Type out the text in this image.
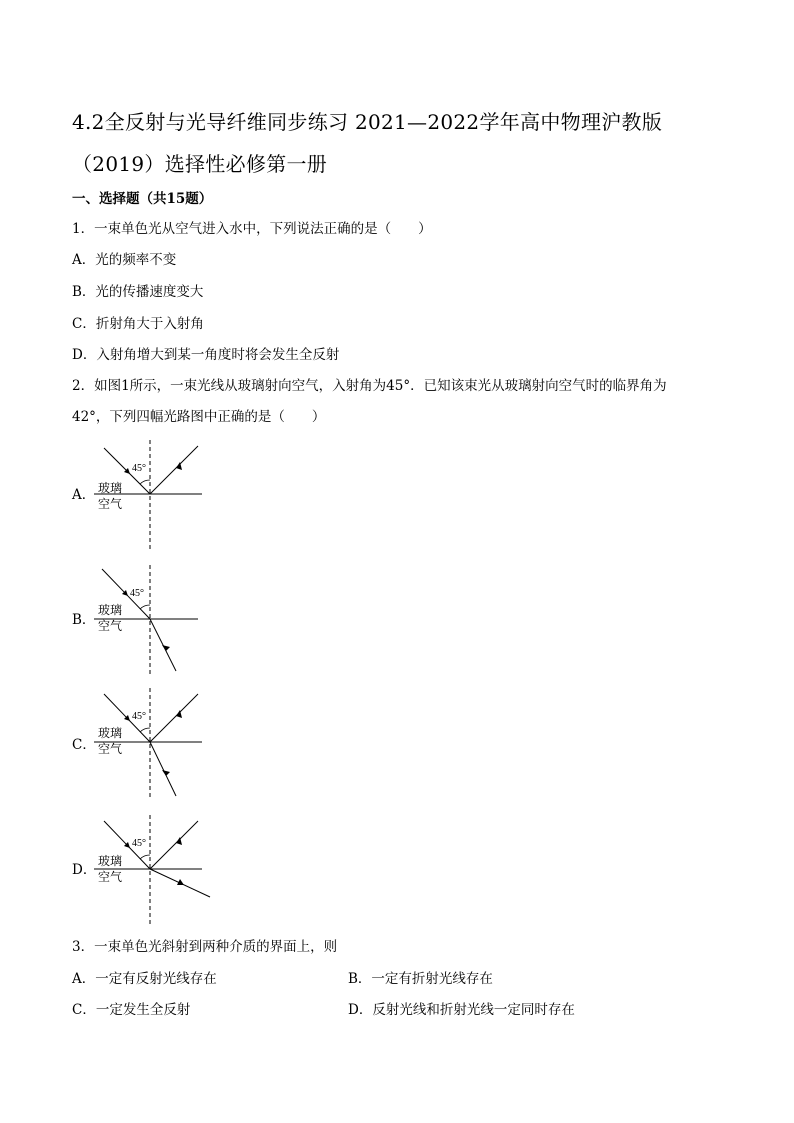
4.2全反射与光导纤维同步练习 2021—2022学年高中物理沪教版
（2019）选择性必修第一册
一、选择题（共15题）
1．一束单色光从空气进入水中，下列说法正确的是（　　）
A．光的频率不变
B．光的传播速度变大
C．折射角大于入射角
D．入射角增大到某一角度时将会发生全反射
2．如图1所示，一束光线从玻璃射向空气，入射角为45°．已知该束光从玻璃射向空气时的临界角为
42°，下列四幅光路图中正确的是（　　）
A．
45°
玻璃
空气
B．
45°
玻璃
空气
C．
45°
玻璃
空气
D．
45°
玻璃
空气
3．一束单色光斜射到两种介质的界面上，则
A．一定有反射光线存在	B．一定有折射光线存在
C．一定发生全反射	D．反射光线和折射光线一定同时存在
